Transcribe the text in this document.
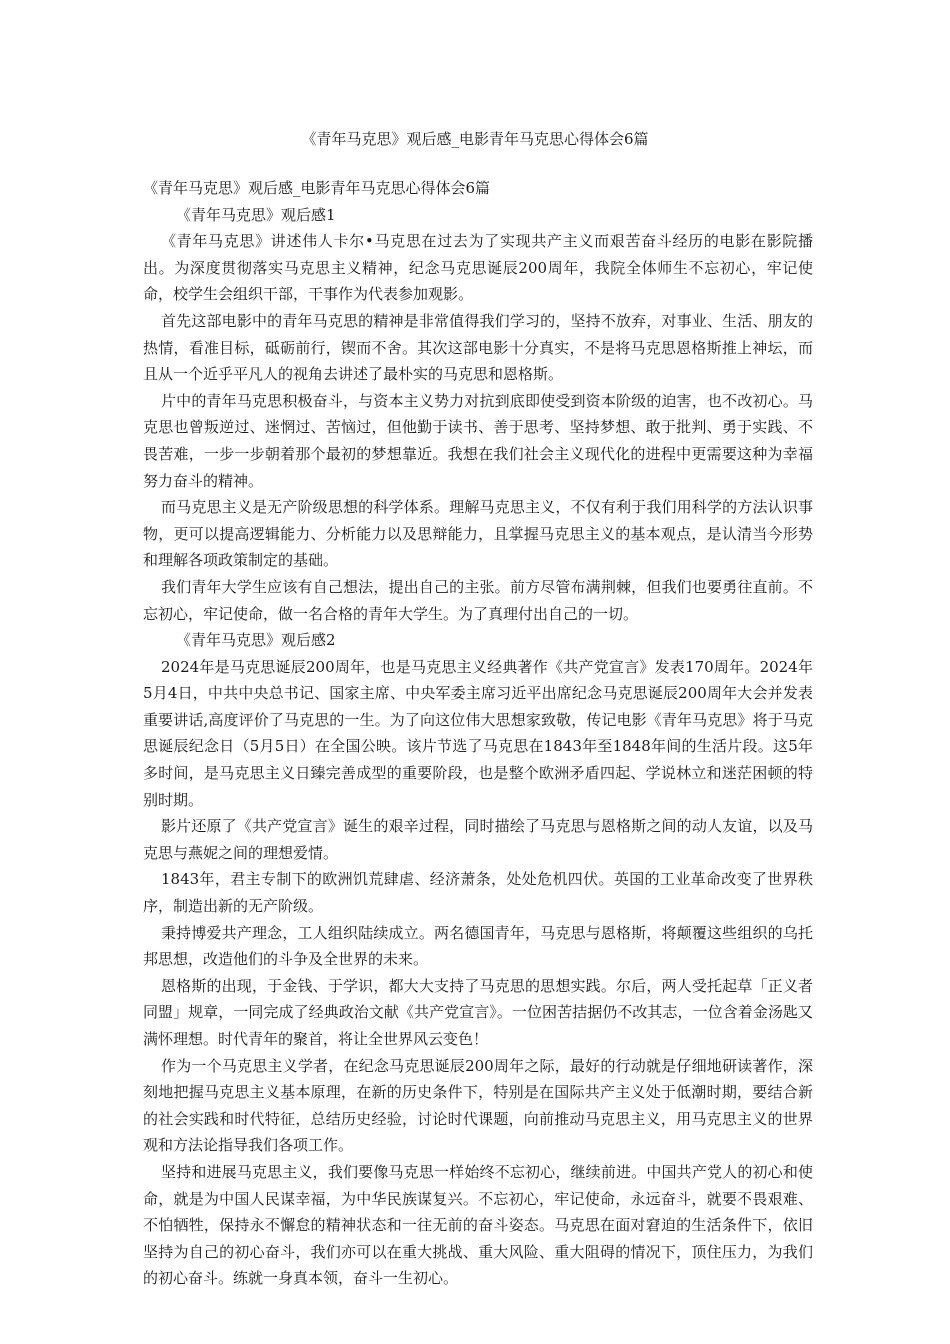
《青年马克思》观后感_电影青年马克思心得体会6篇

《青年马克思》观后感_电影青年马克思心得体会6篇

《青年马克思》观后感1

《青年马克思》讲述伟人卡尔•马克思在过去为了实现共产主义而艰苦奋斗经历的电影在影院播出。为深度贯彻落实马克思主义精神，纪念马克思诞辰200周年，我院全体师生不忘初心，牢记使命，校学生会组织干部，干事作为代表参加观影。

首先这部电影中的青年马克思的精神是非常值得我们学习的，坚持不放弃，对事业、生活、朋友的热情，看准目标，砥砺前行，锲而不舍。其次这部电影十分真实，不是将马克思恩格斯推上神坛，而且从一个近乎平凡人的视角去讲述了最朴实的马克思和恩格斯。

片中的青年马克思积极奋斗，与资本主义势力对抗到底即使受到资本阶级的迫害，也不改初心。马克思也曾叛逆过、迷惘过、苦恼过，但他勤于读书、善于思考、坚持梦想、敢于批判、勇于实践、不畏苦难，一步一步朝着那个最初的梦想靠近。我想在我们社会主义现代化的进程中更需要这种为幸福努力奋斗的精神。

而马克思主义是无产阶级思想的科学体系。理解马克思主义，不仅有利于我们用科学的方法认识事物，更可以提高逻辑能力、分析能力以及思辩能力，且掌握马克思主义的基本观点，是认清当今形势和理解各项政策制定的基础。

我们青年大学生应该有自己想法，提出自己的主张。前方尽管布满荆棘，但我们也要勇往直前。不忘初心，牢记使命，做一名合格的青年大学生。为了真理付出自己的一切。

《青年马克思》观后感2

2024年是马克思诞辰200周年，也是马克思主义经典著作《共产党宣言》发表170周年。2024年5月4日，中共中央总书记、国家主席、中央军委主席习近平出席纪念马克思诞辰200周年大会并发表重要讲话,高度评价了马克思的一生。为了向这位伟大思想家致敬，传记电影《青年马克思》将于马克思诞辰纪念日（5月5日）在全国公映。该片节选了马克思在1843年至1848年间的生活片段。这5年多时间，是马克思主义日臻完善成型的重要阶段，也是整个欧洲矛盾四起、学说林立和迷茫困顿的特别时期。

影片还原了《共产党宣言》诞生的艰辛过程，同时描绘了马克思与恩格斯之间的动人友谊，以及马克思与燕妮之间的理想爱情。

1843年，君主专制下的欧洲饥荒肆虐、经济萧条，处处危机四伏。英国的工业革命改变了世界秩序，制造出新的无产阶级。

秉持博爱共产理念，工人组织陆续成立。两名德国青年，马克思与恩格斯，将颠覆这些组织的乌托邦思想，改造他们的斗争及全世界的未来。

恩格斯的出现，于金钱、于学识，都大大支持了马克思的思想实践。尔后，两人受托起草「正义者同盟」规章，一同完成了经典政治文献《共产党宣言》。一位困苦拮据仍不改其志，一位含着金汤匙又满怀理想。时代青年的聚首，将让全世界风云变色！

作为一个马克思主义学者，在纪念马克思诞辰200周年之际，最好的行动就是仔细地研读著作，深刻地把握马克思主义基本原理，在新的历史条件下，特别是在国际共产主义处于低潮时期，要结合新的社会实践和时代特征，总结历史经验，讨论时代课题，向前推动马克思主义，用马克思主义的世界观和方法论指导我们各项工作。

坚持和进展马克思主义，我们要像马克思一样始终不忘初心，继续前进。中国共产党人的初心和使命，就是为中国人民谋幸福，为中华民族谋复兴。不忘初心，牢记使命，永远奋斗，就要不畏艰难、不怕牺牲，保持永不懈怠的精神状态和一往无前的奋斗姿态。马克思在面对窘迫的生活条件下，依旧坚持为自己的初心奋斗，我们亦可以在重大挑战、重大风险、重大阻碍的情况下，顶住压力，为我们的初心奋斗。练就一身真本领，奋斗一生初心。
